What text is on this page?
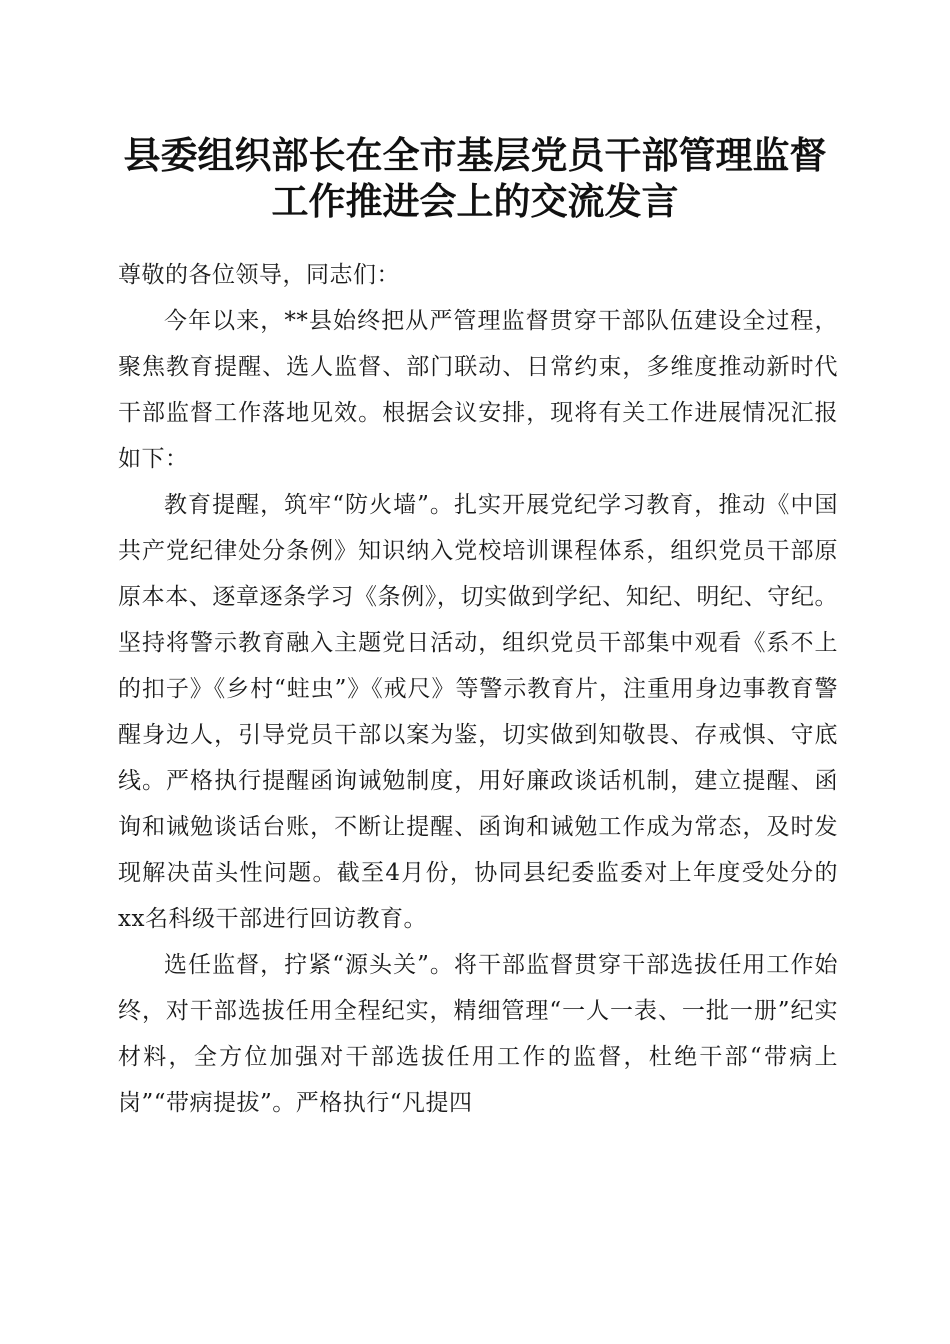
县委组织部长在全市基层党员干部管理监督工作推进会上的交流发言

尊敬的各位领导，同志们：

今年以来，**县始终把从严管理监督贯穿干部队伍建设全过程，聚焦教育提醒、选人监督、部门联动、日常约束，多维度推动新时代干部监督工作落地见效。根据会议安排，现将有关工作进展情况汇报如下：

教育提醒，筑牢“防火墙”。扎实开展党纪学习教育，推动《中国共产党纪律处分条例》知识纳入党校培训课程体系，组织党员干部原原本本、逐章逐条学习《条例》，切实做到学纪、知纪、明纪、守纪。坚持将警示教育融入主题党日活动，组织党员干部集中观看《系不上的扣子》《乡村“蛀虫”》《戒尺》等警示教育片，注重用身边事教育警醒身边人，引导党员干部以案为鉴，切实做到知敬畏、存戒惧、守底线。严格执行提醒函询诫勉制度，用好廉政谈话机制，建立提醒、函询和诫勉谈话台账，不断让提醒、函询和诫勉工作成为常态，及时发现解决苗头性问题。截至4月份，协同县纪委监委对上年度受处分的xx名科级干部进行回访教育。

选任监督，拧紧“源头关”。将干部监督贯穿干部选拔任用工作始终，对干部选拔任用全程纪实，精细管理“一人一表、一批一册”纪实材料，全方位加强对干部选拔任用工作的监督，杜绝干部“带病上岗”“带病提拔”。严格执行“凡提四
